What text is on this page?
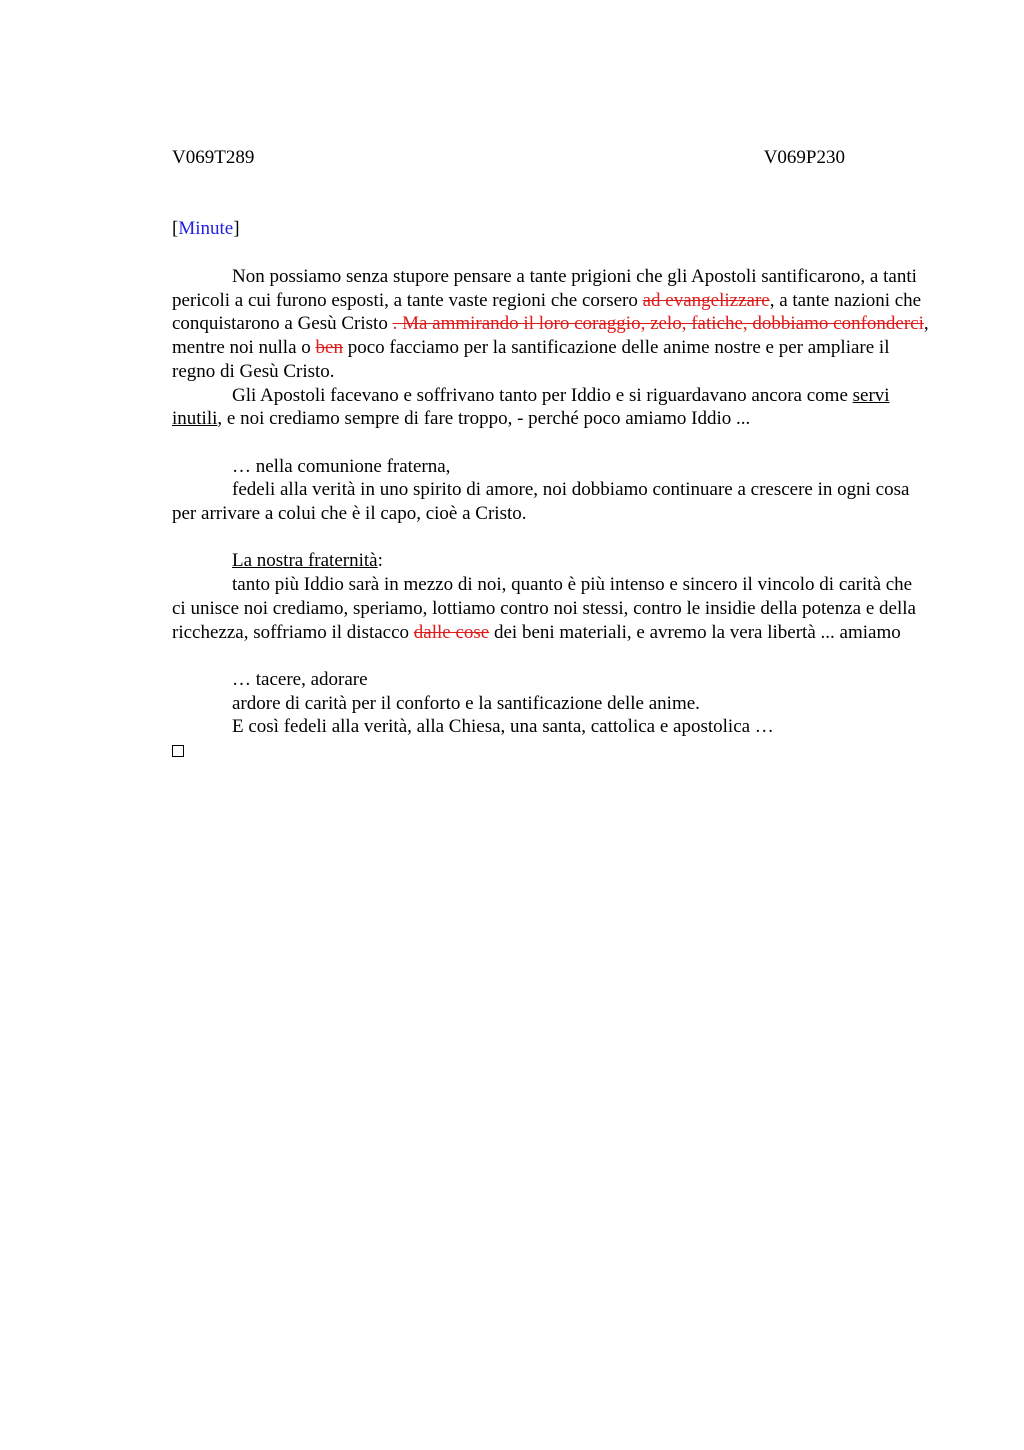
V069T289	V069P230
[Minute]

Non possiamo senza stupore pensare a tante prigioni che gli Apostoli santificarono, a tanti pericoli a cui furono esposti, a tante vaste regioni che corsero ad evangelizzare, a tante nazioni che conquistarono a Gesù Cristo . Ma ammirando il loro coraggio, zelo, fatiche, dobbiamo confonderci, mentre noi nulla o ben poco facciamo per la santificazione delle anime nostre e per ampliare il regno di Gesù Cristo.

Gli Apostoli facevano e soffrivano tanto per Iddio e si riguardavano ancora come servi inutili, e noi crediamo sempre di fare troppo, - perché poco amiamo Iddio ...

… nella comunione fraterna,

fedeli alla verità in uno spirito di amore, noi dobbiamo continuare a crescere in ogni cosa per arrivare a colui che è il capo, cioè a Cristo.

La nostra fraternità:

tanto più Iddio sarà in mezzo di noi, quanto è più intenso e sincero il vincolo di carità che ci unisce noi crediamo, speriamo, lottiamo contro noi stessi, contro le insidie della potenza e della ricchezza, soffriamo il distacco dalle cose dei beni materiali, e avremo la vera libertà ... amiamo

… tacere, adorare

ardore di carità per il conforto e la santificazione delle anime.

E così fedeli alla verità, alla Chiesa, una santa, cattolica e apostolica …
